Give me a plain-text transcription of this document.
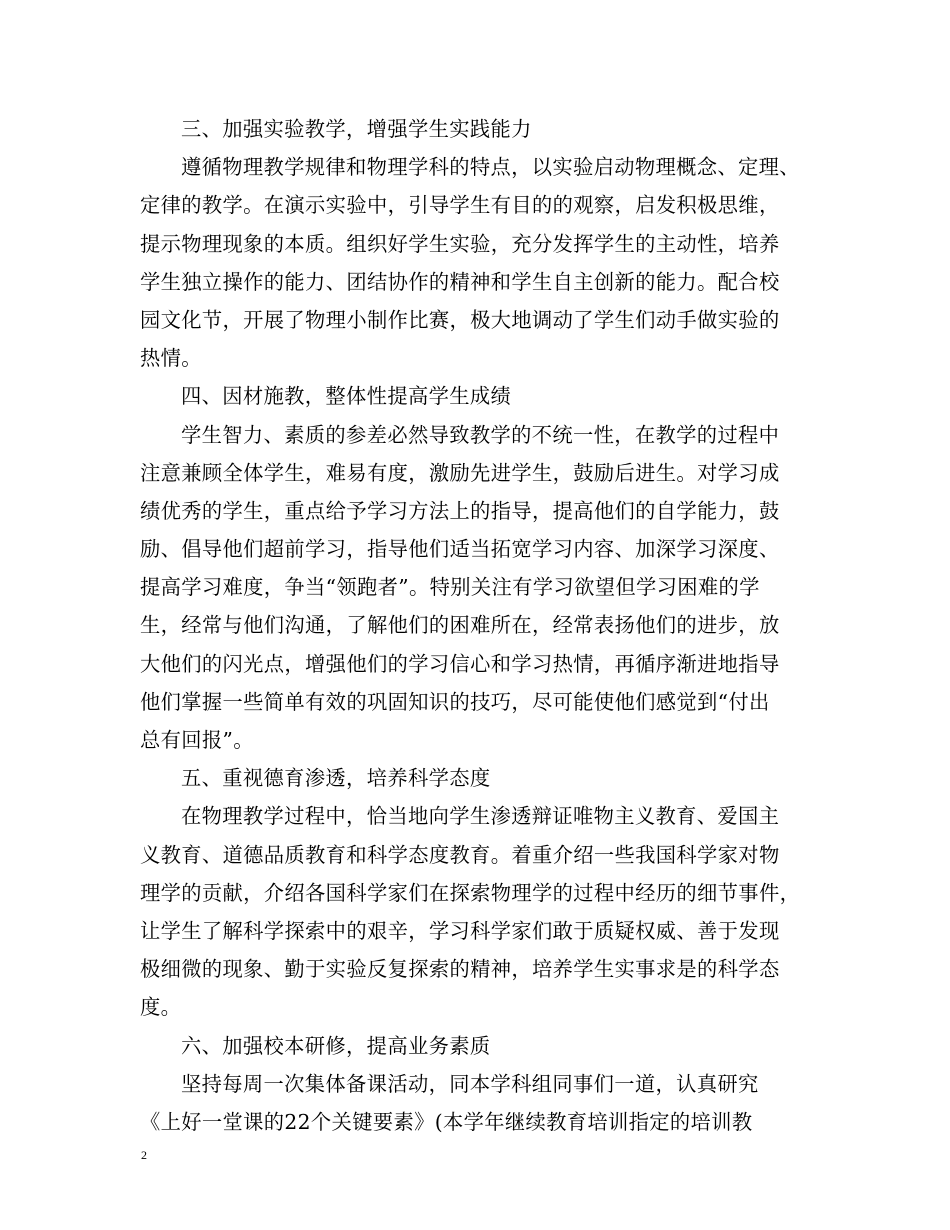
三、加强实验教学，增强学生实践能力
遵循物理教学规律和物理学科的特点，以实验启动物理概念、定理、
定律的教学。在演示实验中，引导学生有目的的观察，启发积极思维，
提示物理现象的本质。组织好学生实验，充分发挥学生的主动性，培养
学生独立操作的能力、团结协作的精神和学生自主创新的能力。配合校
园文化节，开展了物理小制作比赛，极大地调动了学生们动手做实验的
热情。
四、因材施教，整体性提高学生成绩
学生智力、素质的参差必然导致教学的不统一性，在教学的过程中
注意兼顾全体学生，难易有度，激励先进学生，鼓励后进生。对学习成
绩优秀的学生，重点给予学习方法上的指导，提高他们的自学能力，鼓
励、倡导他们超前学习，指导他们适当拓宽学习内容、加深学习深度、
提高学习难度，争当“领跑者”。特别关注有学习欲望但学习困难的学
生，经常与他们沟通，了解他们的困难所在，经常表扬他们的进步，放
大他们的闪光点，增强他们的学习信心和学习热情，再循序渐进地指导
他们掌握一些简单有效的巩固知识的技巧，尽可能使他们感觉到“付出
总有回报”。
五、重视德育渗透，培养科学态度
在物理教学过程中，恰当地向学生渗透辩证唯物主义教育、爱国主
义教育、道德品质教育和科学态度教育。着重介绍一些我国科学家对物
理学的贡献，介绍各国科学家们在探索物理学的过程中经历的细节事件，
让学生了解科学探索中的艰辛，学习科学家们敢于质疑权威、善于发现
极细微的现象、勤于实验反复探索的精神，培养学生实事求是的科学态
度。
六、加强校本研修，提高业务素质
坚持每周一次集体备课活动，同本学科组同事们一道，认真研究
《上好一堂课的22个关键要素》(本学年继续教育培训指定的培训教
2
